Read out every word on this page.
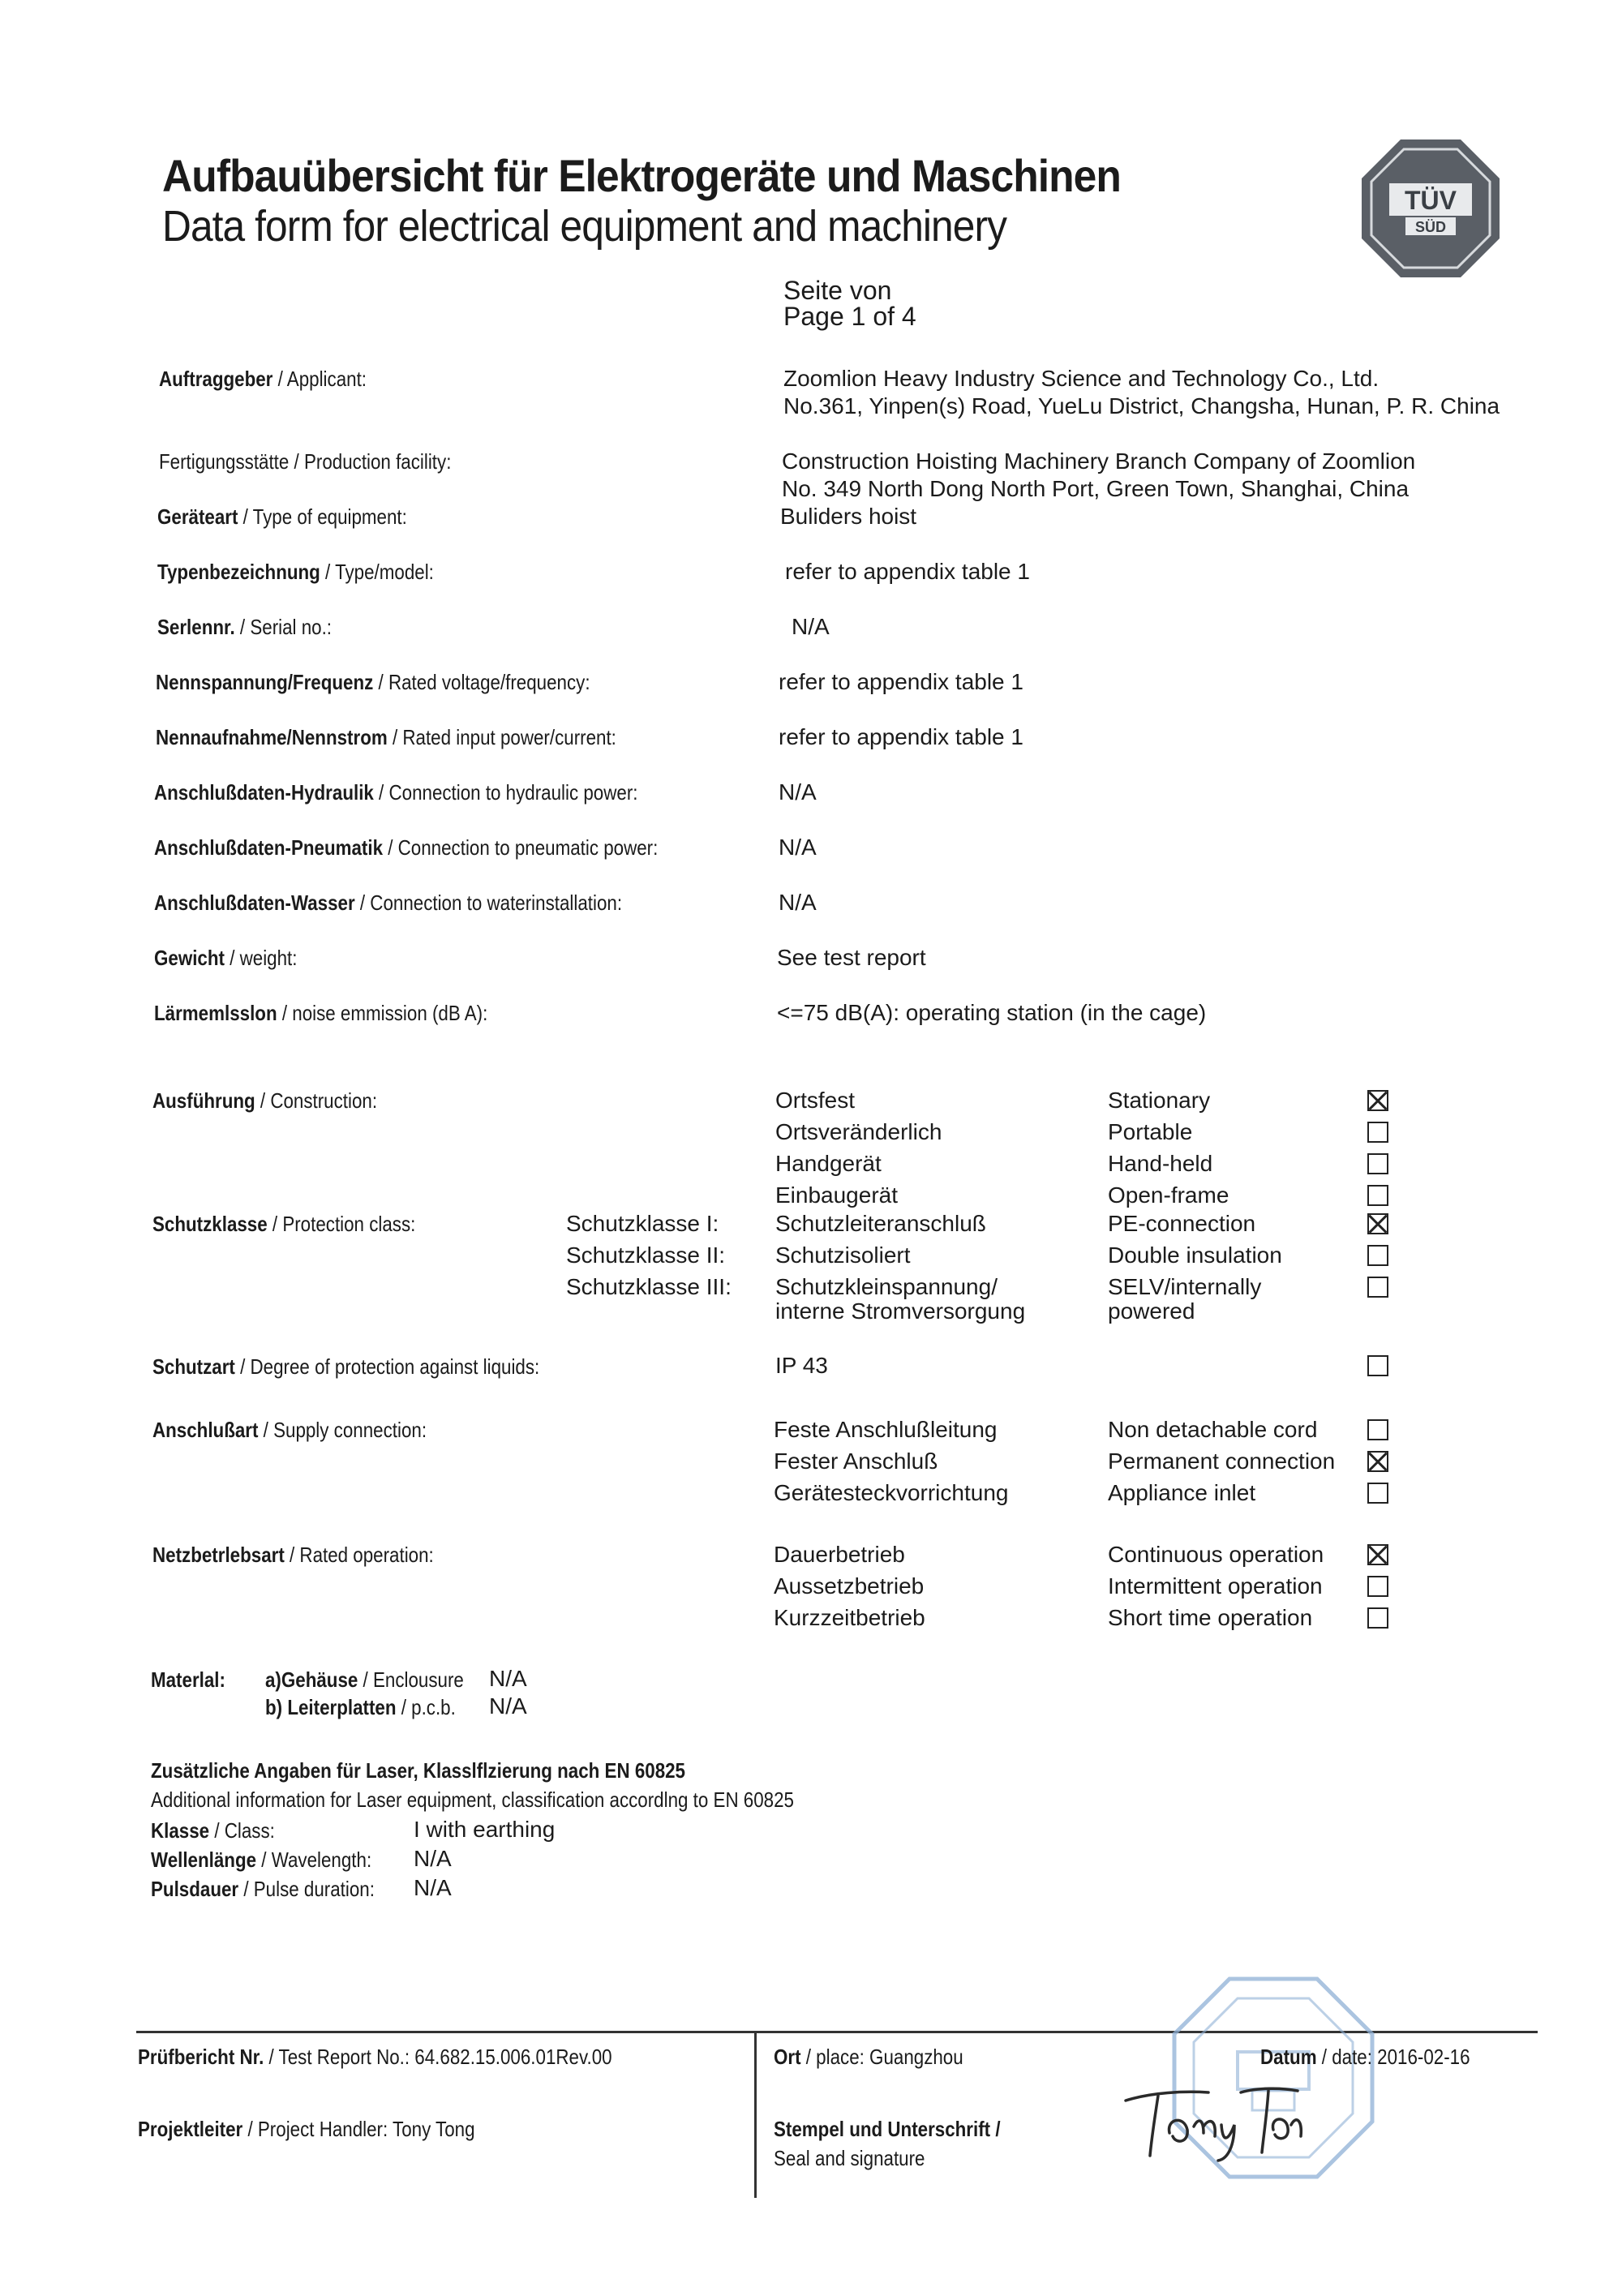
Aufbauübersicht für Elektrogeräte und Maschinen
Data form for electrical equipment and machinery
Seite von
Page 1 of 4
TÜV
SÜD
Auftraggeber / Applicant:	Zoomlion Heavy Industry Science and Technology Co., Ltd.
No.361, Yinpen(s) Road, YueLu District, Changsha, Hunan, P. R. China
Fertigungsstätte / Production facility:	Construction Hoisting Machinery Branch Company of Zoomlion
No. 349 North Dong North Port, Green Town, Shanghai, China
Geräteart / Type of equipment:	Buliders hoist
Typenbezeichnung / Type/model:	refer to appendix table 1
Serlennr. / Serial no.:	N/A
Nennspannung/Frequenz / Rated voltage/frequency:	refer to appendix table 1
Nennaufnahme/Nennstrom / Rated input power/current:	refer to appendix table 1
Anschlußdaten-Hydraulik / Connection to hydraulic power:	N/A
Anschlußdaten-Pneumatik / Connection to pneumatic power:	N/A
Anschlußdaten-Wasser / Connection to waterinstallation:	N/A
Gewicht / weight:	See test report
Lärmemlsslon / noise emmission (dB A):	<=75 dB(A): operating station (in the cage)
Ausführung / Construction:	Ortsfest	Stationary
Ortsveränderlich	Portable
Handgerät	Hand-held
Einbaugerät	Open-frame
Schutzklasse / Protection class:	Schutzklasse I: Schutzleiteranschluß	PE-connection
Schutzklasse II: Schutzisoliert	Double insulation
Schutzklasse III: Schutzkleinspannung/	SELV/internally
interne Stromversorgung	powered
Schutzart / Degree of protection against liquids:	IP 43
Anschlußart / Supply connection:	Feste Anschlußleitung	Non detachable cord
Fester Anschluß	Permanent connection
Gerätesteckvorrichtung	Appliance inlet
Netzbetrlebsart / Rated operation:	Dauerbetrieb	Continuous operation
Aussetzbetrieb	Intermittent operation
Kurzzeitbetrieb	Short time operation
Materlal: a)Gehäuse / Enclousure N/A
b) Leiterplatten / p.c.b. N/A
Zusätzliche Angaben für Laser, Klasslflzierung nach EN 60825
Additional information for Laser equipment, classification accordlng to EN 60825
Klasse / Class:	I with earthing
Wellenlänge / Wavelength: N/A
Pulsdauer / Pulse duration: N/A
Prüfbericht Nr. / Test Report No.: 64.682.15.006.01Rev.00
Projektleiter / Project Handler: Tony Tong
Ort / place: Guangzhou	Datum / date: 2016-02-16
Stempel und Unterschrift /
Seal and signature
